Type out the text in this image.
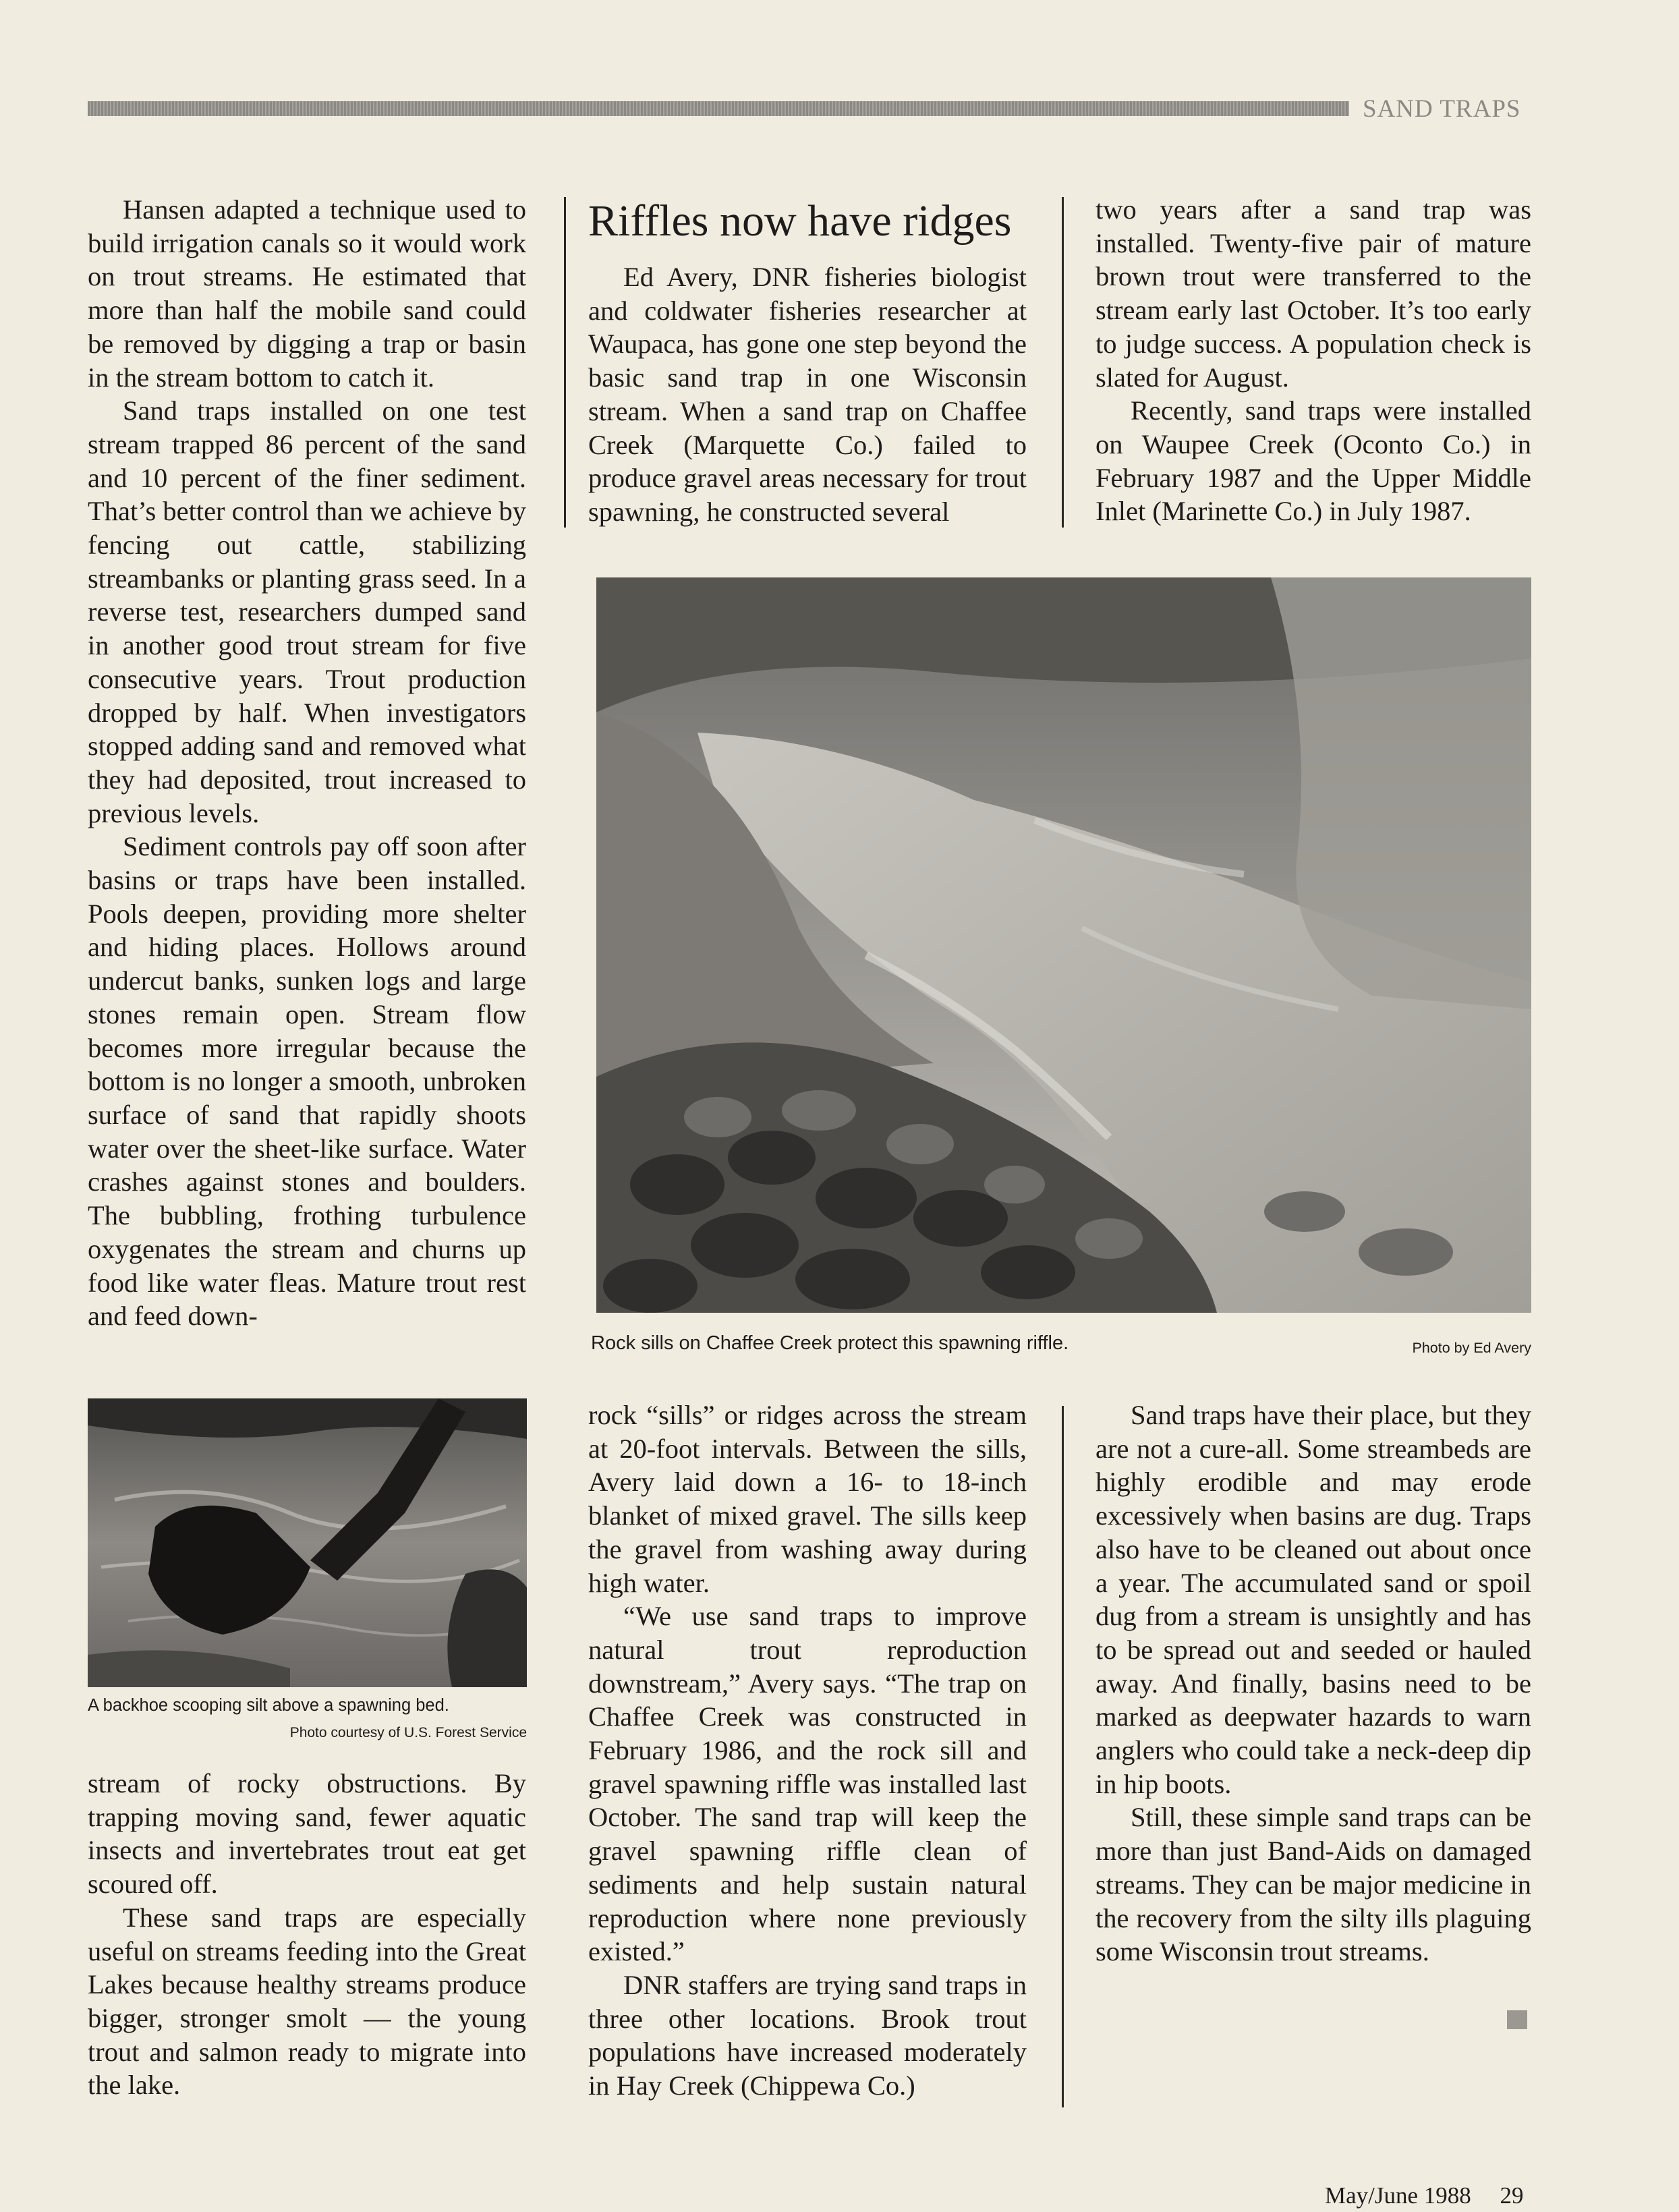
SAND TRAPS

Hansen adapted a technique used to build irrigation canals so it would work on trout streams. He estimated that more than half the mobile sand could be removed by digging a trap or basin in the stream bottom to catch it.

Sand traps installed on one test stream trapped 86 percent of the sand and 10 percent of the finer sediment. That’s better control than we achieve by fencing out cattle, stabilizing streambanks or planting grass seed. In a reverse test, researchers dumped sand in another good trout stream for five consecutive years. Trout production dropped by half. When investigators stopped adding sand and removed what they had deposited, trout increased to previous levels.

Sediment controls pay off soon after basins or traps have been installed. Pools deepen, providing more shelter and hiding places. Hollows around undercut banks, sunken logs and large stones remain open. Stream flow becomes more irregular because the bottom is no longer a smooth, unbroken surface of sand that rapidly shoots water over the sheet-like surface. Water crashes against stones and boulders. The bubbling, frothing turbulence oxygenates the stream and churns up food like water fleas. Mature trout rest and feed down-

A backhoe scooping silt above a spawning bed.
Photo courtesy of U.S. Forest Service

stream of rocky obstructions. By trapping moving sand, fewer aquatic insects and invertebrates trout eat get scoured off.

These sand traps are especially useful on streams feeding into the Great Lakes because healthy streams produce bigger, stronger smolt — the young trout and salmon ready to migrate into the lake.

Riffles now have ridges

Ed Avery, DNR fisheries biologist and coldwater fisheries researcher at Waupaca, has gone one step beyond the basic sand trap in one Wisconsin stream. When a sand trap on Chaffee Creek (Marquette Co.) failed to produce gravel areas necessary for trout spawning, he constructed several

two years after a sand trap was installed. Twenty-five pair of mature brown trout were transferred to the stream early last October. It’s too early to judge success. A population check is slated for August.

Recently, sand traps were installed on Waupee Creek (Oconto Co.) in February 1987 and the Upper Middle Inlet (Marinette Co.) in July 1987.

Rock sills on Chaffee Creek protect this spawning riffle.	Photo by Ed Avery

rock “sills” or ridges across the stream at 20-foot intervals. Between the sills, Avery laid down a 16- to 18-inch blanket of mixed gravel. The sills keep the gravel from washing away during high water.

“We use sand traps to improve natural trout reproduction downstream,” Avery says. “The trap on Chaffee Creek was constructed in February 1986, and the rock sill and gravel spawning riffle was installed last October. The sand trap will keep the gravel spawning riffle clean of sediments and help sustain natural reproduction where none previously existed.”

DNR staffers are trying sand traps in three other locations. Brook trout populations have increased moderately in Hay Creek (Chippewa Co.)

Sand traps have their place, but they are not a cure-all. Some streambeds are highly erodible and may erode excessively when basins are dug. Traps also have to be cleaned out about once a year. The accumulated sand or spoil dug from a stream is unsightly and has to be spread out and seeded or hauled away. And finally, basins need to be marked as deepwater hazards to warn anglers who could take a neck-deep dip in hip boots.

Still, these simple sand traps can be more than just Band-Aids on damaged streams. They can be major medicine in the recovery from the silty ills plaguing some Wisconsin trout streams.

May/June 1988 29
